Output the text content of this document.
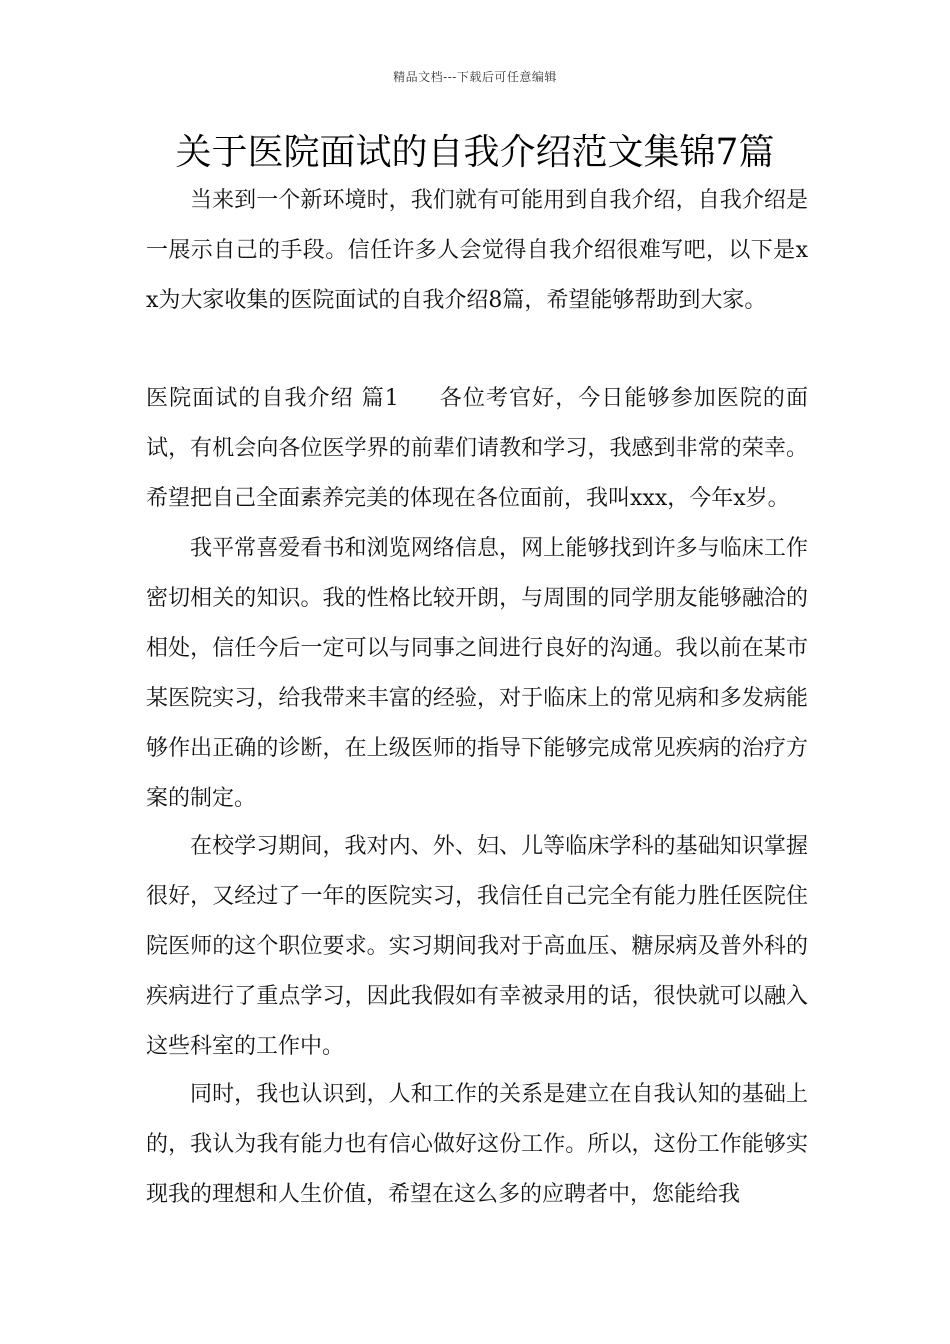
精品文档---下载后可任意编辑
关于医院面试的自我介绍范文集锦7篇

当来到一个新环境时，我们就有可能用到自我介绍，自我介绍是一展示自己的手段。信任许多人会觉得自我介绍很难写吧，以下是xx为大家收集的医院面试的自我介绍8篇，希望能够帮助到大家。

医院面试的自我介绍 篇1 各位考官好，今日能够参加医院的面试，有机会向各位医学界的前辈们请教和学习，我感到非常的荣幸。希望把自己全面素养完美的体现在各位面前，我叫xxx，今年x岁。

我平常喜爱看书和浏览网络信息，网上能够找到许多与临床工作密切相关的知识。我的性格比较开朗，与周围的同学朋友能够融洽的相处，信任今后一定可以与同事之间进行良好的沟通。我以前在某市某医院实习，给我带来丰富的经验，对于临床上的常见病和多发病能够作出正确的诊断，在上级医师的指导下能够完成常见疾病的治疗方案的制定。

在校学习期间，我对内、外、妇、儿等临床学科的基础知识掌握很好，又经过了一年的医院实习，我信任自己完全有能力胜任医院住院医师的这个职位要求。实习期间我对于高血压、糖尿病及普外科的疾病进行了重点学习，因此我假如有幸被录用的话，很快就可以融入这些科室的工作中。

同时，我也认识到，人和工作的关系是建立在自我认知的基础上的，我认为我有能力也有信心做好这份工作。所以，这份工作能够实现我的理想和人生价值，希望在这么多的应聘者中，您能给我
